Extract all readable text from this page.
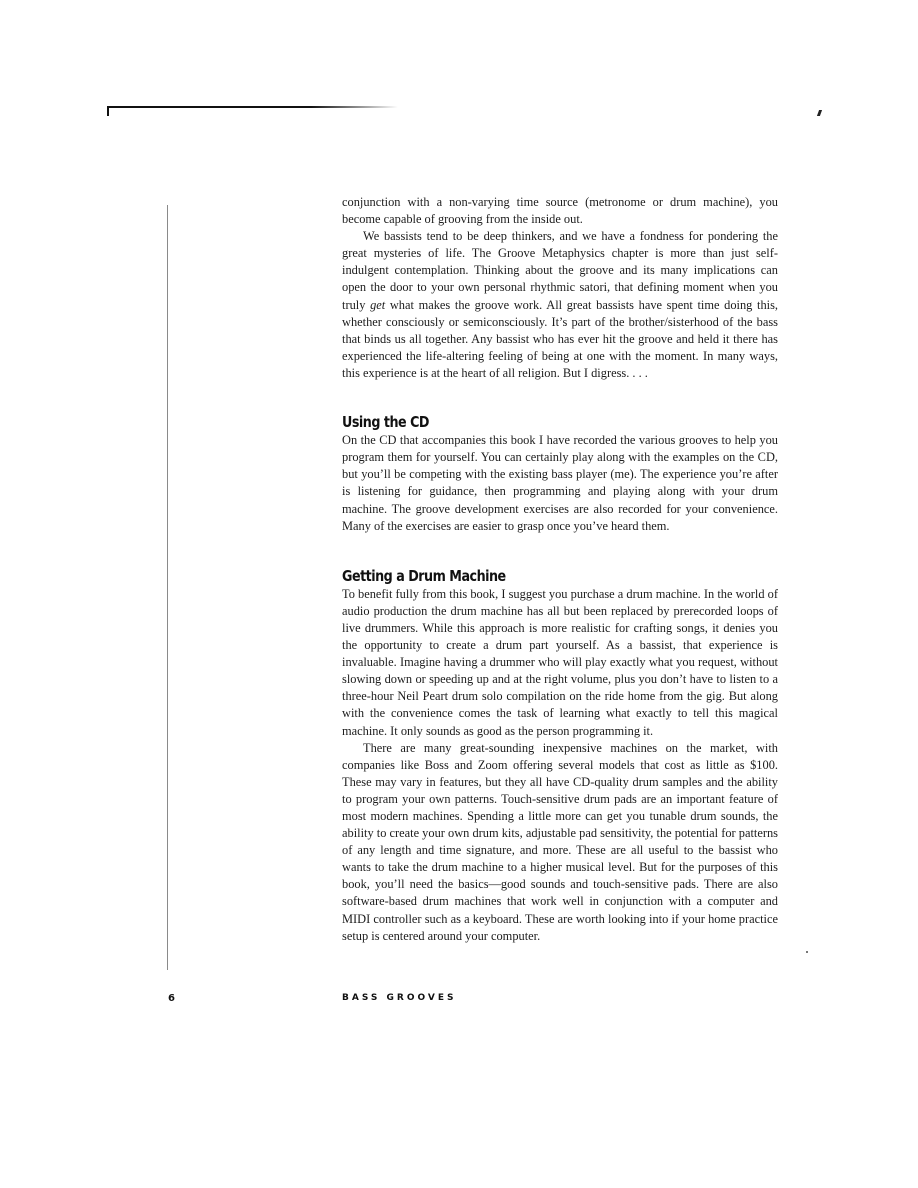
conjunction with a non-varying time source (metronome or drum machine), you become capable of grooving from the inside out.

We bassists tend to be deep thinkers, and we have a fondness for pondering the great mysteries of life. The Groove Metaphysics chapter is more than just self-indulgent contemplation. Thinking about the groove and its many implications can open the door to your own personal rhythmic satori, that defining moment when you truly get what makes the groove work. All great bassists have spent time doing this, whether consciously or semiconsciously. It’s part of the brother/sisterhood of the bass that binds us all together. Any bassist who has ever hit the groove and held it there has experienced the life-altering feeling of being at one with the moment. In many ways, this experience is at the heart of all religion. But I digress. . . .

Using the CD

On the CD that accompanies this book I have recorded the various grooves to help you program them for yourself. You can certainly play along with the examples on the CD, but you’ll be competing with the existing bass player (me). The experience you’re after is listening for guidance, then programming and playing along with your drum machine. The groove development exercises are also recorded for your convenience. Many of the exercises are easier to grasp once you’ve heard them.

Getting a Drum Machine

To benefit fully from this book, I suggest you purchase a drum machine. In the world of audio production the drum machine has all but been replaced by prerecorded loops of live drummers. While this approach is more realistic for crafting songs, it denies you the opportunity to create a drum part yourself. As a bassist, that experience is invaluable. Imagine having a drummer who will play exactly what you request, without slowing down or speeding up and at the right volume, plus you don’t have to listen to a three-hour Neil Peart drum solo compilation on the ride home from the gig. But along with the convenience comes the task of learning what exactly to tell this magical machine. It only sounds as good as the person programming it.

There are many great-sounding inexpensive machines on the market, with companies like Boss and Zoom offering several models that cost as little as $100. These may vary in features, but they all have CD-quality drum samples and the ability to program your own patterns. Touch-sensitive drum pads are an important feature of most modern machines. Spending a little more can get you tunable drum sounds, the ability to create your own drum kits, adjustable pad sensitivity, the potential for patterns of any length and time signature, and more. These are all useful to the bassist who wants to take the drum machine to a higher musical level. But for the purposes of this book, you’ll need the basics—good sounds and touch-sensitive pads. There are also software-based drum machines that work well in conjunction with a computer and MIDI controller such as a keyboard. These are worth looking into if your home practice setup is centered around your computer.

6	BASS GROOVES
